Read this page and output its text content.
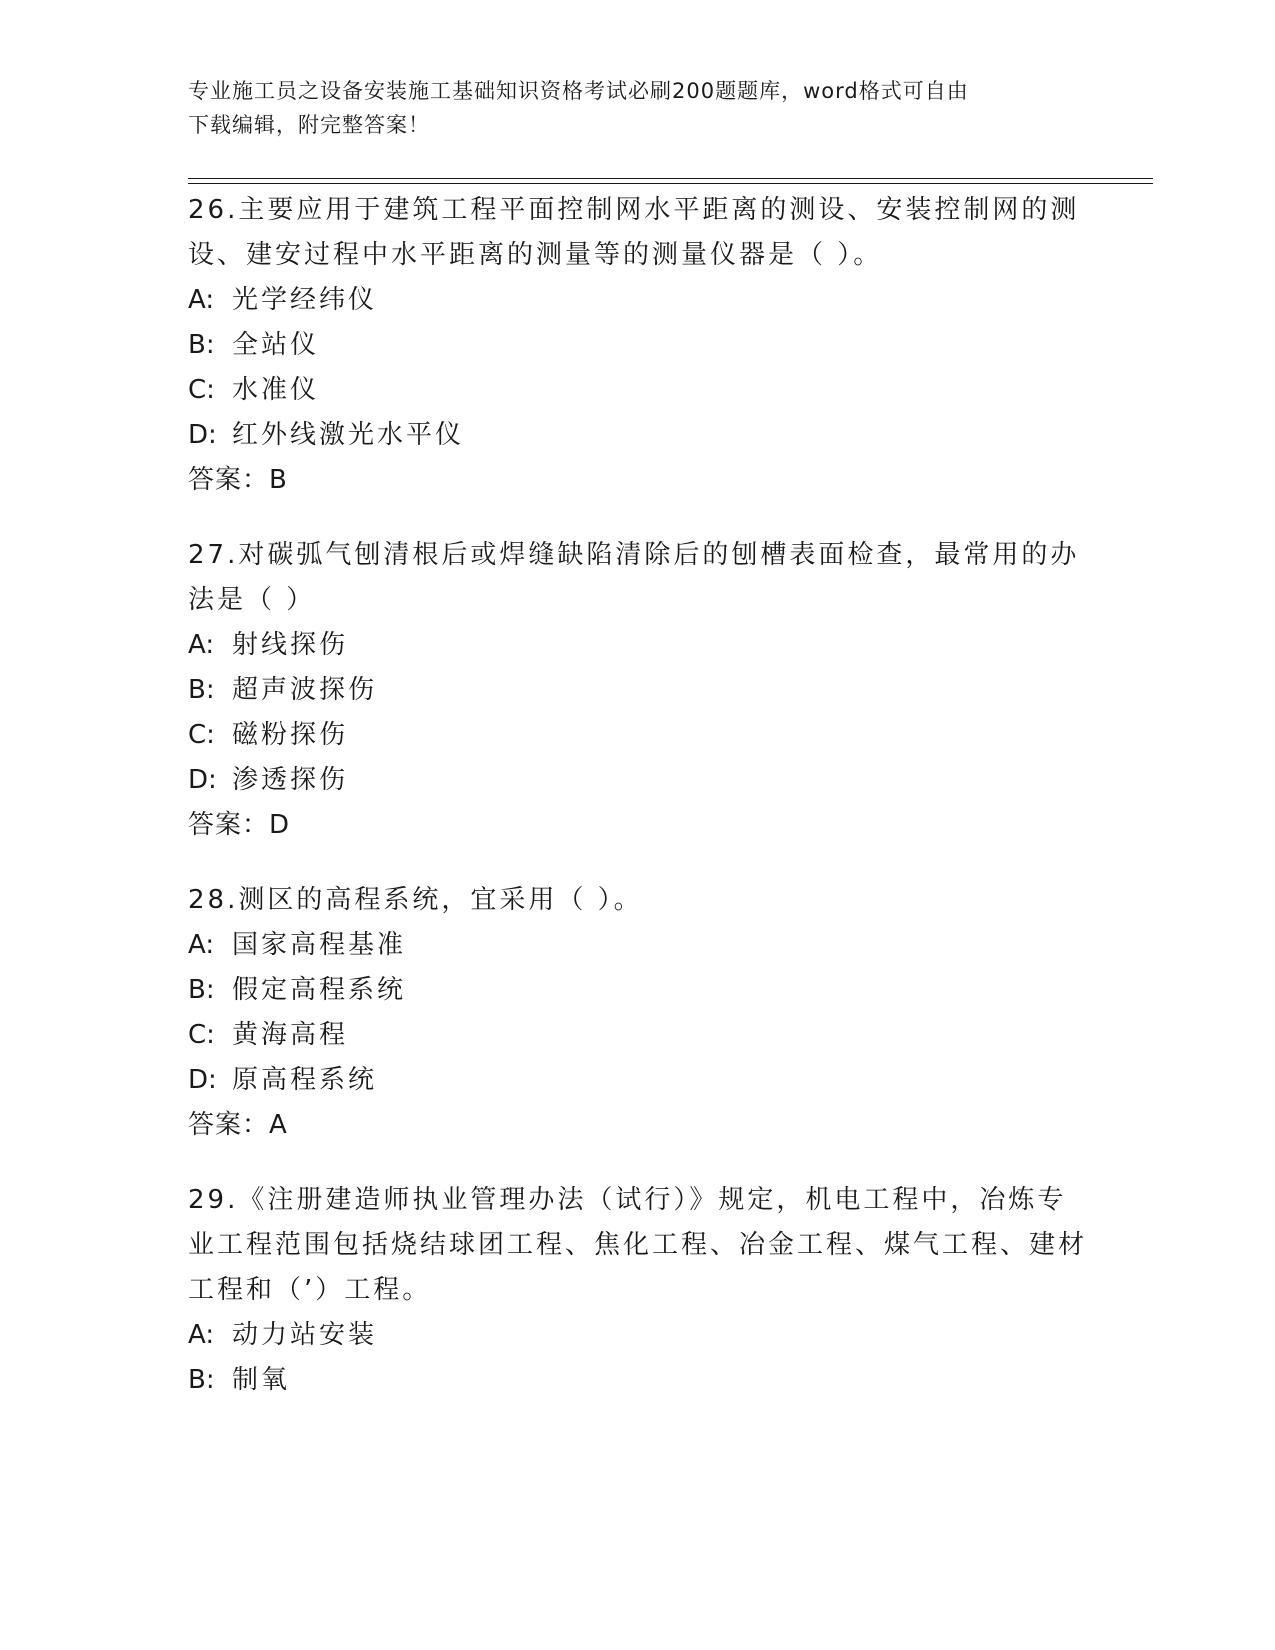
专业施工员之设备安装施工基础知识资格考试必刷200题题库，word格式可自由
下载编辑，附完整答案！

26.主要应用于建筑工程平面控制网水平距离的测设、安装控制网的测设、建安过程中水平距离的测量等的测量仪器是（ ）。

A: 光学经纬仪

B: 全站仪

C: 水准仪

D: 红外线激光水平仪

答案：B

27.对碳弧气刨清根后或焊缝缺陷清除后的刨槽表面检查，最常用的办法是（ ）

A: 射线探伤

B: 超声波探伤

C: 磁粉探伤

D: 渗透探伤

答案：D

28.测区的高程系统，宜采用（ ）。

A: 国家高程基准

B: 假定高程系统

C: 黄海高程

D: 原高程系统

答案：A

29.《注册建造师执业管理办法（试行）》规定，机电工程中，冶炼专业工程范围包括烧结球团工程、焦化工程、冶金工程、煤气工程、建材工程和（’）工程。

A: 动力站安装

B: 制氧
